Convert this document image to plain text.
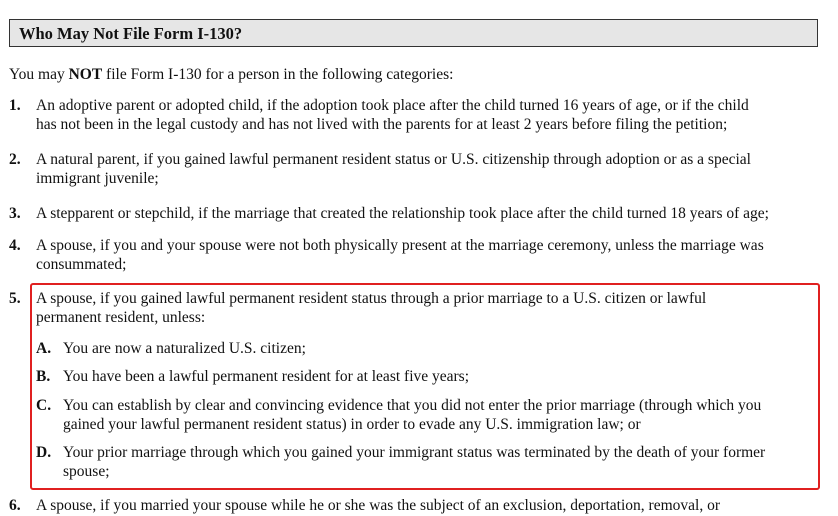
Who May Not File Form I-130?
You may NOT file Form I-130 for a person in the following categories:
1. An adoptive parent or adopted child, if the adoption took place after the child turned 16 years of age, or if the child
has not been in the legal custody and has not lived with the parents for at least 2 years before filing the petition;
2. A natural parent, if you gained lawful permanent resident status or U.S. citizenship through adoption or as a special
immigrant juvenile;
3. A stepparent or stepchild, if the marriage that created the relationship took place after the child turned 18 years of age;
4. A spouse, if you and your spouse were not both physically present at the marriage ceremony, unless the marriage was
consummated;
5. A spouse, if you gained lawful permanent resident status through a prior marriage to a U.S. citizen or lawful
permanent resident, unless:
A. You are now a naturalized U.S. citizen;
B. You have been a lawful permanent resident for at least five years;
C. You can establish by clear and convincing evidence that you did not enter the prior marriage (through which you
gained your lawful permanent resident status) in order to evade any U.S. immigration law; or
D. Your prior marriage through which you gained your immigrant status was terminated by the death of your former
spouse;
6. A spouse, if you married your spouse while he or she was the subject of an exclusion, deportation, removal, or
